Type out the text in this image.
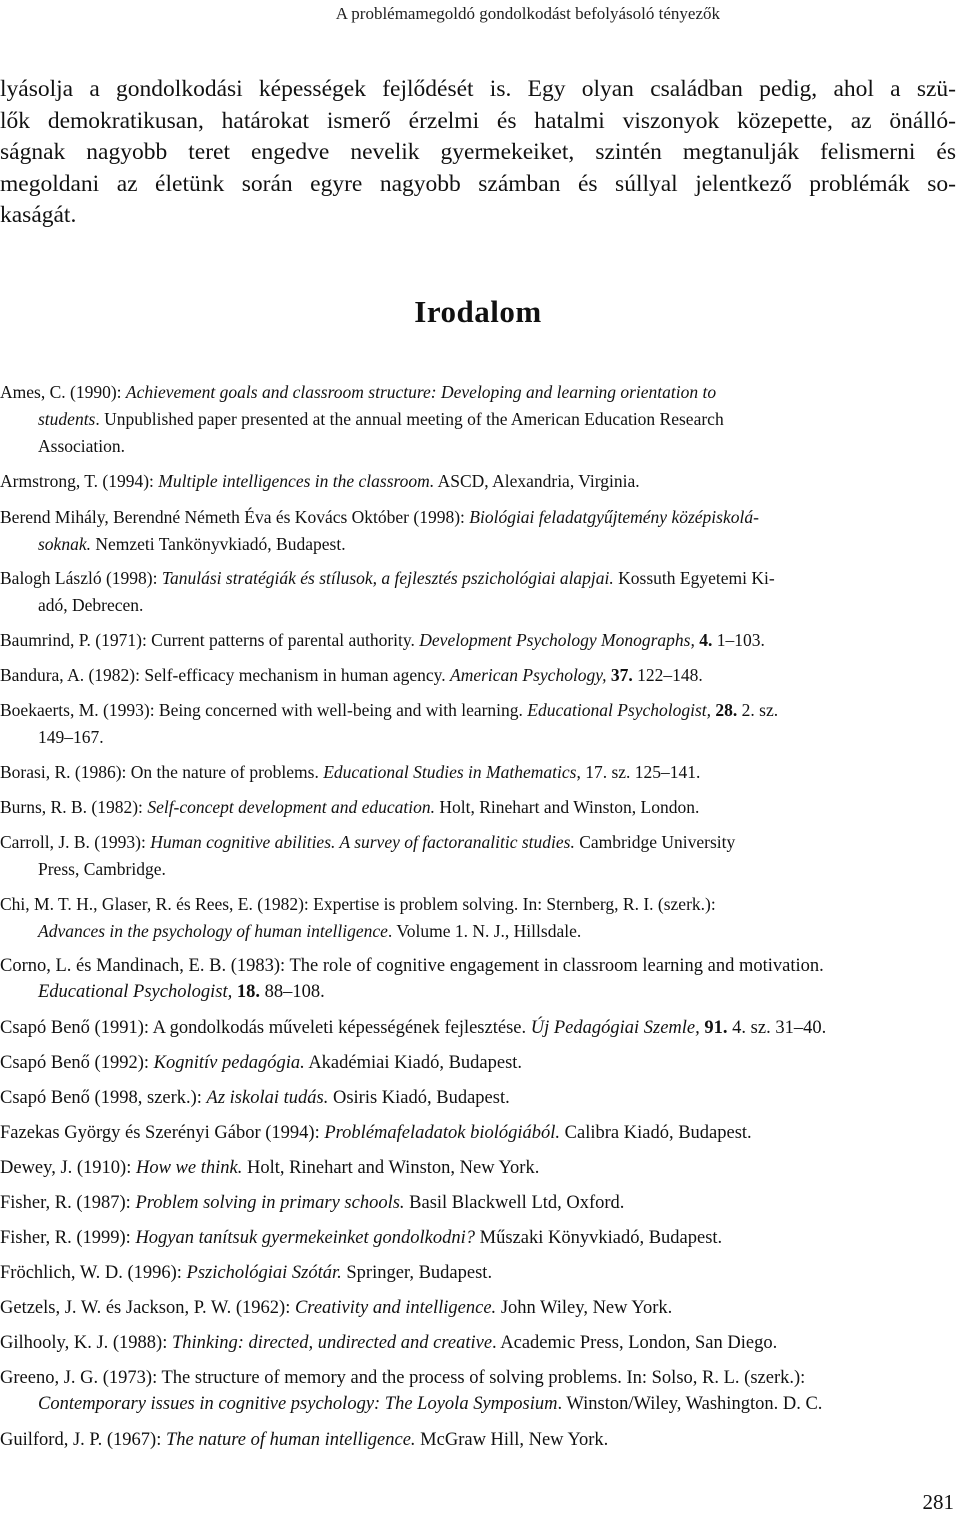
A problémamegoldó gondolkodást befolyásoló tényezők
lyásolja a gondolkodási képességek fejlődését is. Egy olyan családban pedig, ahol a szü-
lők demokratikusan, határokat ismerő érzelmi és hatalmi viszonyok közepette, az önálló-
ságnak nagyobb teret engedve nevelik gyermekeiket, szintén megtanulják felismerni és
megoldani az életünk során egyre nagyobb számban és súllyal jelentkező problémák so-
kaságát.
Irodalom
Ames, C. (1990): Achievement goals and classroom structure: Developing and learning orientation to
students. Unpublished paper presented at the annual meeting of the American Education Research
Association.
Armstrong, T. (1994): Multiple intelligences in the classroom. ASCD, Alexandria, Virginia.
Berend Mihály, Berendné Németh Éva és Kovács Október (1998): Biológiai feladatgyűjtemény középiskolá-
soknak. Nemzeti Tankönyvkiadó, Budapest.
Balogh László (1998): Tanulási stratégiák és stílusok, a fejlesztés pszichológiai alapjai. Kossuth Egyetemi Ki-
adó, Debrecen.
Baumrind, P. (1971): Current patterns of parental authority. Development Psychology Monographs, 4. 1–103.
Bandura, A. (1982): Self-efficacy mechanism in human agency. American Psychology, 37. 122–148.
Boekaerts, M. (1993): Being concerned with well-being and with learning. Educational Psychologist, 28. 2. sz.
149–167.
Borasi, R. (1986): On the nature of problems. Educational Studies in Mathematics, 17. sz. 125–141.
Burns, R. B. (1982): Self-concept development and education. Holt, Rinehart and Winston, London.
Carroll, J. B. (1993): Human cognitive abilities. A survey of factoranalitic studies. Cambridge University
Press, Cambridge.
Chi, M. T. H., Glaser, R. és Rees, E. (1982): Expertise is problem solving. In: Sternberg, R. I. (szerk.):
Advances in the psychology of human intelligence. Volume 1. N. J., Hillsdale.
Corno, L. és Mandinach, E. B. (1983): The role of cognitive engagement in classroom learning and motivation.
Educational Psychologist, 18. 88–108.
Csapó Benő (1991): A gondolkodás műveleti képességének fejlesztése. Új Pedagógiai Szemle, 91. 4. sz. 31–40.
Csapó Benő (1992): Kognitív pedagógia. Akadémiai Kiadó, Budapest.
Csapó Benő (1998, szerk.): Az iskolai tudás. Osiris Kiadó, Budapest.
Fazekas György és Szerényi Gábor (1994): Problémafeladatok biológiából. Calibra Kiadó, Budapest.
Dewey, J. (1910): How we think. Holt, Rinehart and Winston, New York.
Fisher, R. (1987): Problem solving in primary schools. Basil Blackwell Ltd, Oxford.
Fisher, R. (1999): Hogyan tanítsuk gyermekeinket gondolkodni? Műszaki Könyvkiadó, Budapest.
Fröchlich, W. D. (1996): Pszichológiai Szótár. Springer, Budapest.
Getzels, J. W. és Jackson, P. W. (1962): Creativity and intelligence. John Wiley, New York.
Gilhooly, K. J. (1988): Thinking: directed, undirected and creative. Academic Press, London, San Diego.
Greeno, J. G. (1973): The structure of memory and the process of solving problems. In: Solso, R. L. (szerk.):
Contemporary issues in cognitive psychology: The Loyola Symposium. Winston/Wiley, Washington. D. C.
Guilford, J. P. (1967): The nature of human intelligence. McGraw Hill, New York.
281
